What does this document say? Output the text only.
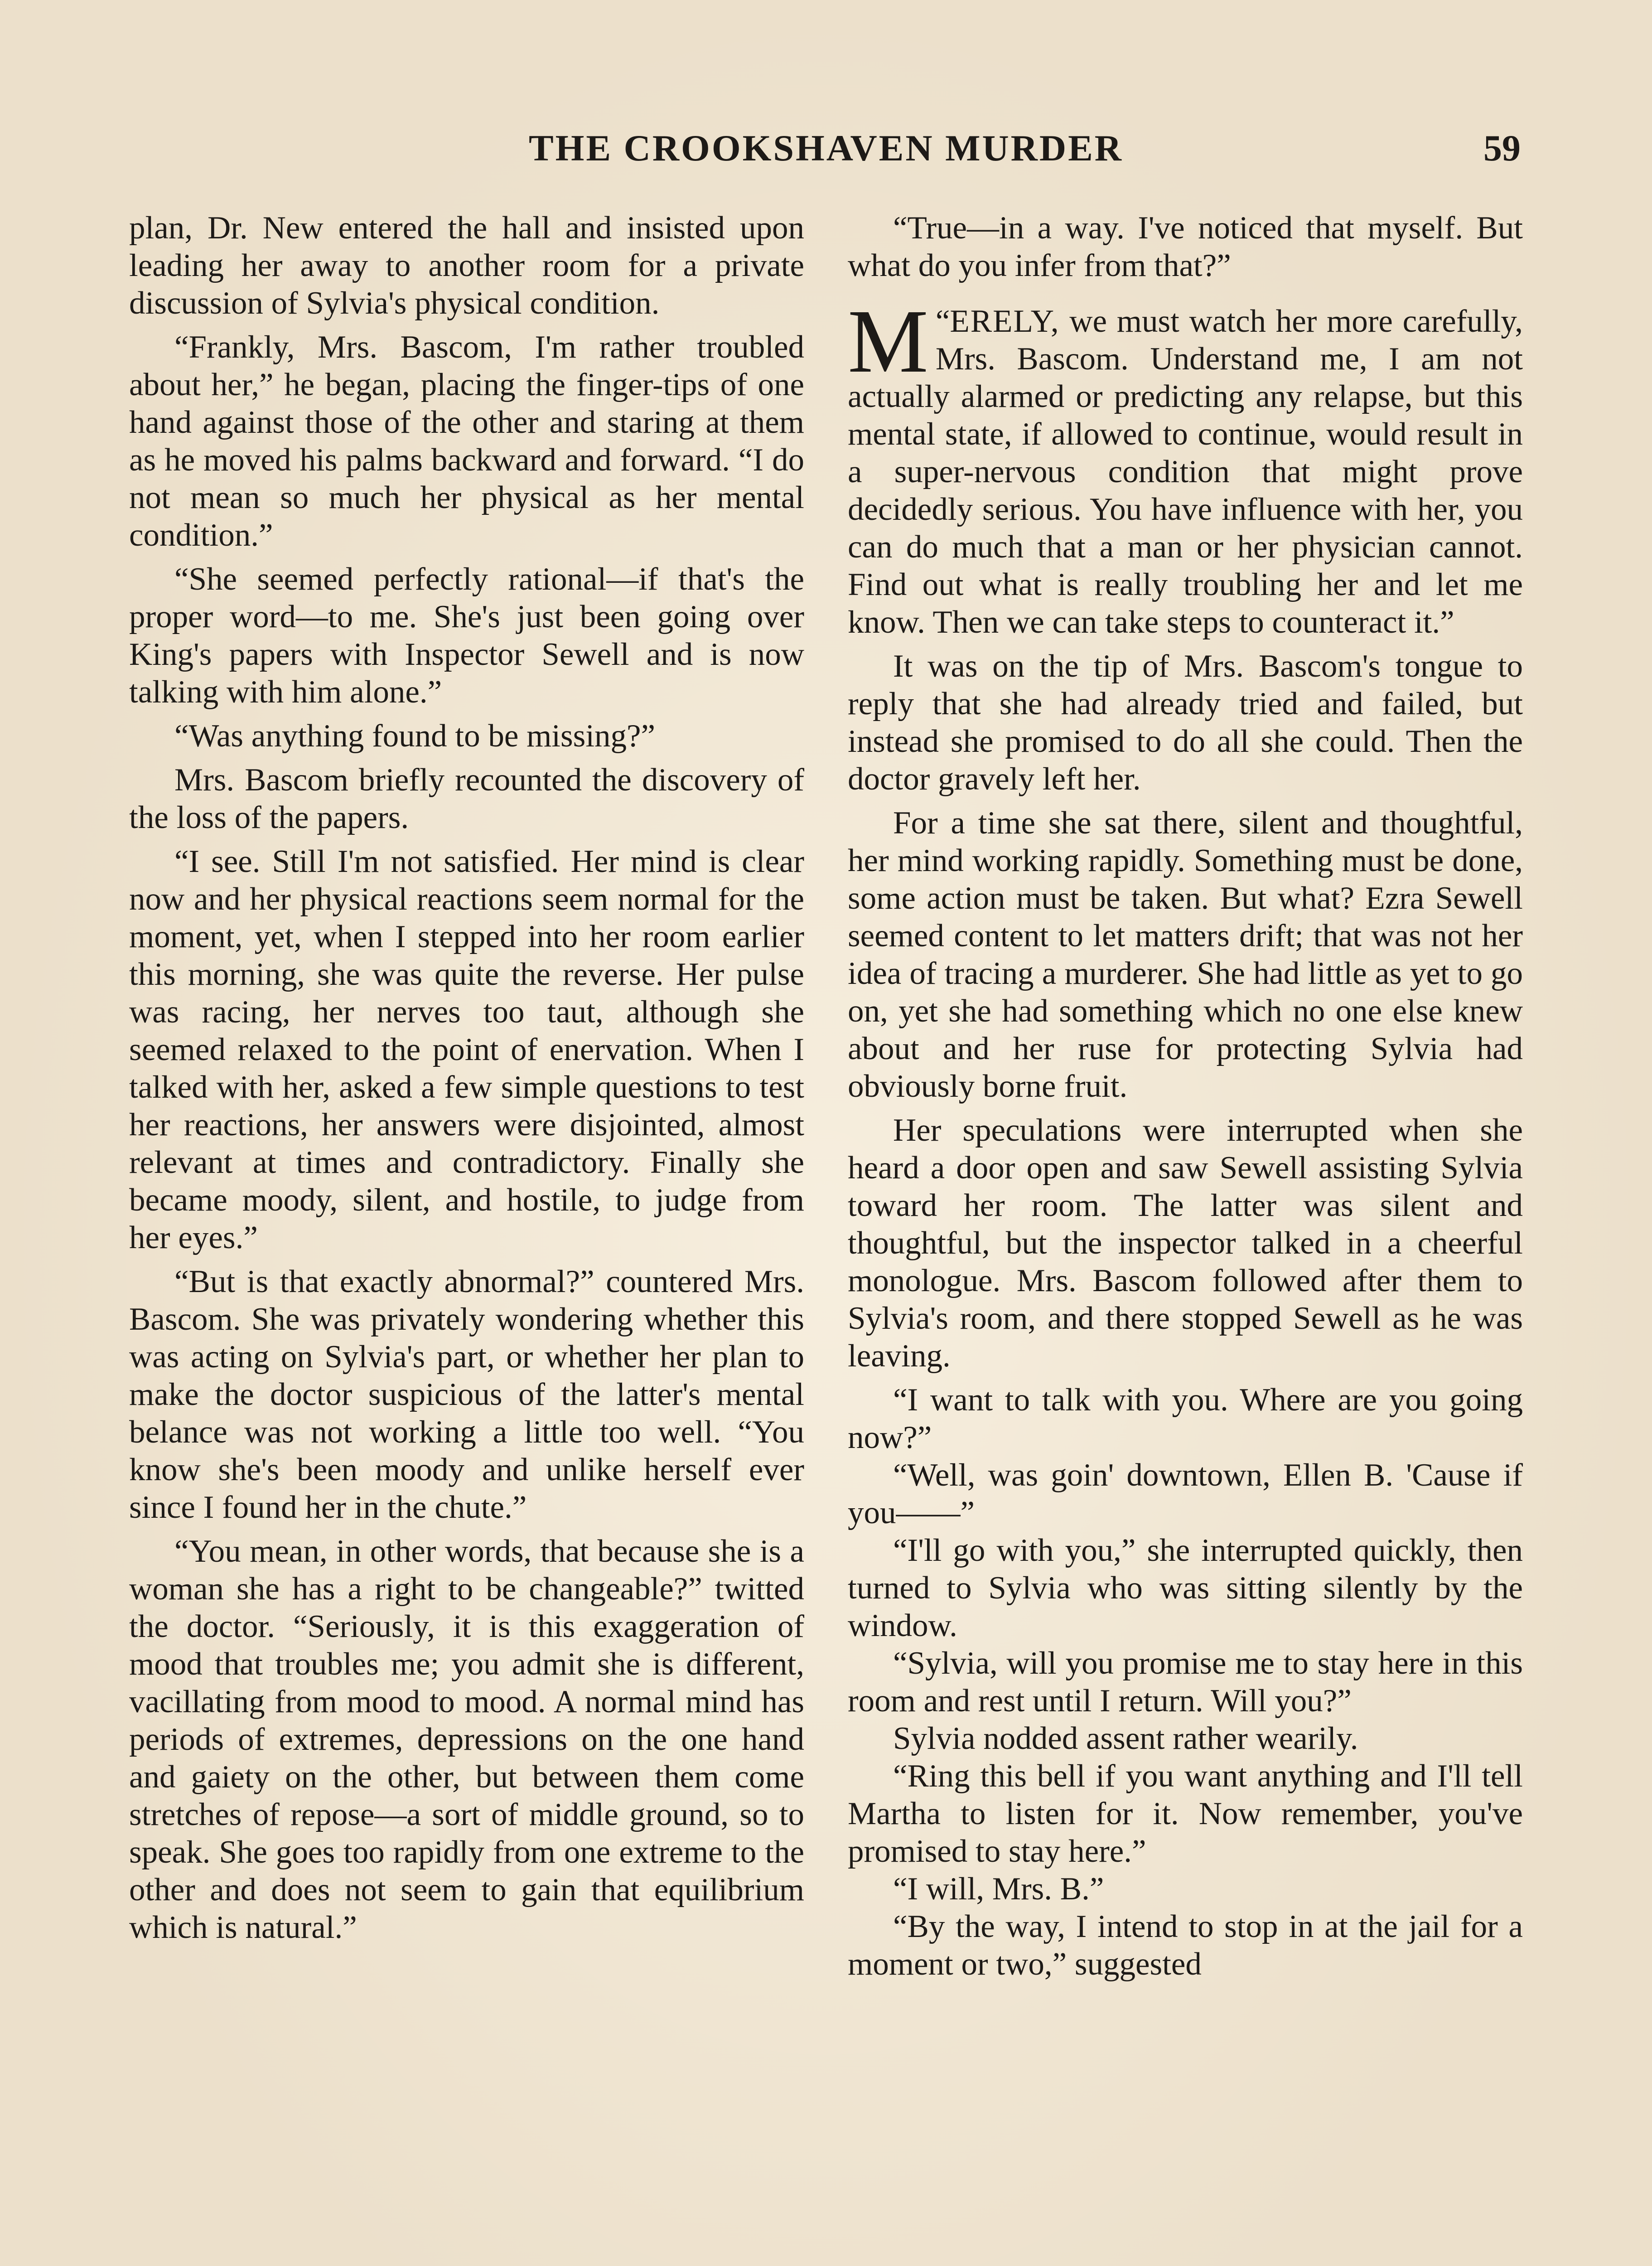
THE CROOKSHAVEN MURDER	59

plan, Dr. New entered the hall and insisted upon leading her away to another room for a private discussion of Sylvia's physical condition.

“Frankly, Mrs. Bascom, I'm rather troubled about her,” he began, placing the finger-tips of one hand against those of the other and staring at them as he moved his palms backward and forward. “I do not mean so much her physical as her mental condition.”

“She seemed perfectly rational—if that's the proper word—to me. She's just been going over King's papers with Inspector Sewell and is now talking with him alone.”

“Was anything found to be missing?”

Mrs. Bascom briefly recounted the discovery of the loss of the papers.

“I see. Still I'm not satisfied. Her mind is clear now and her physical reactions seem normal for the moment, yet, when I stepped into her room earlier this morning, she was quite the reverse. Her pulse was racing, her nerves too taut, although she seemed relaxed to the point of enervation. When I talked with her, asked a few simple questions to test her reactions, her answers were disjointed, almost relevant at times and contradictory. Finally she became moody, silent, and hostile, to judge from her eyes.”

“But is that exactly abnormal?” countered Mrs. Bascom. She was privately wondering whether this was acting on Sylvia's part, or whether her plan to make the doctor suspicious of the latter's mental belance was not working a little too well. “You know she's been moody and unlike herself ever since I found her in the chute.”

“You mean, in other words, that because she is a woman she has a right to be changeable?” twitted the doctor. “Seriously, it is this exaggeration of mood that troubles me; you admit she is different, vacillating from mood to mood. A normal mind has periods of extremes, depressions on the one hand and gaiety on the other, but between them come stretches of repose—a sort of middle ground, so to speak. She goes too rapidly from one extreme to the other and does not seem to gain that equilibrium which is natural.”

“True—in a way. I've noticed that myself. But what do you infer from that?”

“
M ERELY, we must watch her more carefully, Mrs. Bascom. Understand me, I am not actually alarmed or predicting any relapse, but this mental state, if allowed to continue, would result in a super-nervous condition that might prove decidedly serious. You have influence with her, you can do much that a man or her physician cannot. Find out what is really troubling her and let me know. Then we can take steps to counteract it.”

It was on the tip of Mrs. Bascom's tongue to reply that she had already tried and failed, but instead she promised to do all she could. Then the doctor gravely left her.

For a time she sat there, silent and thoughtful, her mind working rapidly. Something must be done, some action must be taken. But what? Ezra Sewell seemed content to let matters drift; that was not her idea of tracing a murderer. She had little as yet to go on, yet she had something which no one else knew about and her ruse for protecting Sylvia had obviously borne fruit.

Her speculations were interrupted when she heard a door open and saw Sewell assisting Sylvia toward her room. The latter was silent and thoughtful, but the inspector talked in a cheerful monologue. Mrs. Bascom followed after them to Sylvia's room, and there stopped Sewell as he was leaving.

“I want to talk with you. Where are you going now?”

“Well, was goin' downtown, Ellen B. 'Cause if you——”

“I'll go with you,” she interrupted quickly, then turned to Sylvia who was sitting silently by the window.

“Sylvia, will you promise me to stay here in this room and rest until I return. Will you?”

Sylvia nodded assent rather wearily.

“Ring this bell if you want anything and I'll tell Martha to listen for it. Now remember, you've promised to stay here.”

“I will, Mrs. B.”

“By the way, I intend to stop in at the jail for a moment or two,” suggested
